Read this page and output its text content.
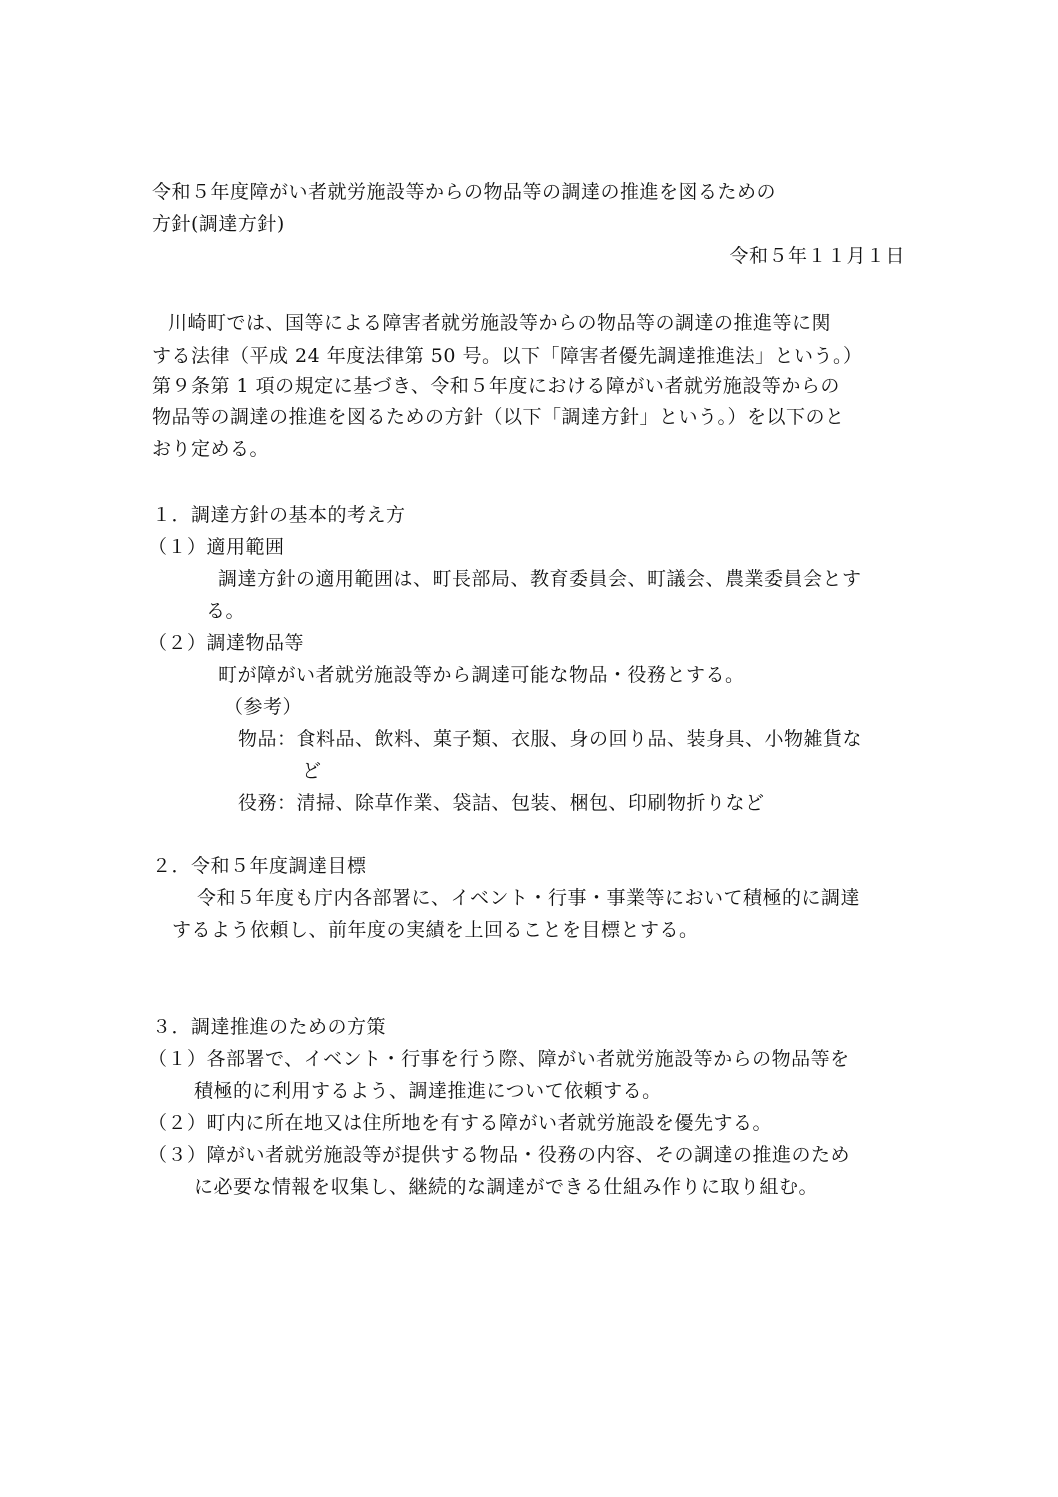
令和５年度障がい者就労施設等からの物品等の調達の推進を図るための
方針(調達方針)
令和５年１１月１日
川崎町では、国等による障害者就労施設等からの物品等の調達の推進等に関
する法律（平成 24 年度法律第 50 号。以下「障害者優先調達推進法」という。）
第９条第 1 項の規定に基づき、令和５年度における障がい者就労施設等からの
物品等の調達の推進を図るための方針（以下「調達方針」という。）を以下のと
おり定める。
１．調達方針の基本的考え方
（１）適用範囲
調達方針の適用範囲は、町長部局、教育委員会、町議会、農業委員会とす
る。
（２）調達物品等
町が障がい者就労施設等から調達可能な物品・役務とする。
（参考）
物品：食料品、飲料、菓子類、衣服、身の回り品、装身具、小物雑貨な
ど
役務：清掃、除草作業、袋詰、包装、梱包、印刷物折りなど
２．令和５年度調達目標
令和５年度も庁内各部署に、イベント・行事・事業等において積極的に調達
するよう依頼し、前年度の実績を上回ることを目標とする。
３．調達推進のための方策
（１）各部署で、イベント・行事を行う際、障がい者就労施設等からの物品等を
積極的に利用するよう、調達推進について依頼する。
（２）町内に所在地又は住所地を有する障がい者就労施設を優先する。
（３）障がい者就労施設等が提供する物品・役務の内容、その調達の推進のため
に必要な情報を収集し、継続的な調達ができる仕組み作りに取り組む。
